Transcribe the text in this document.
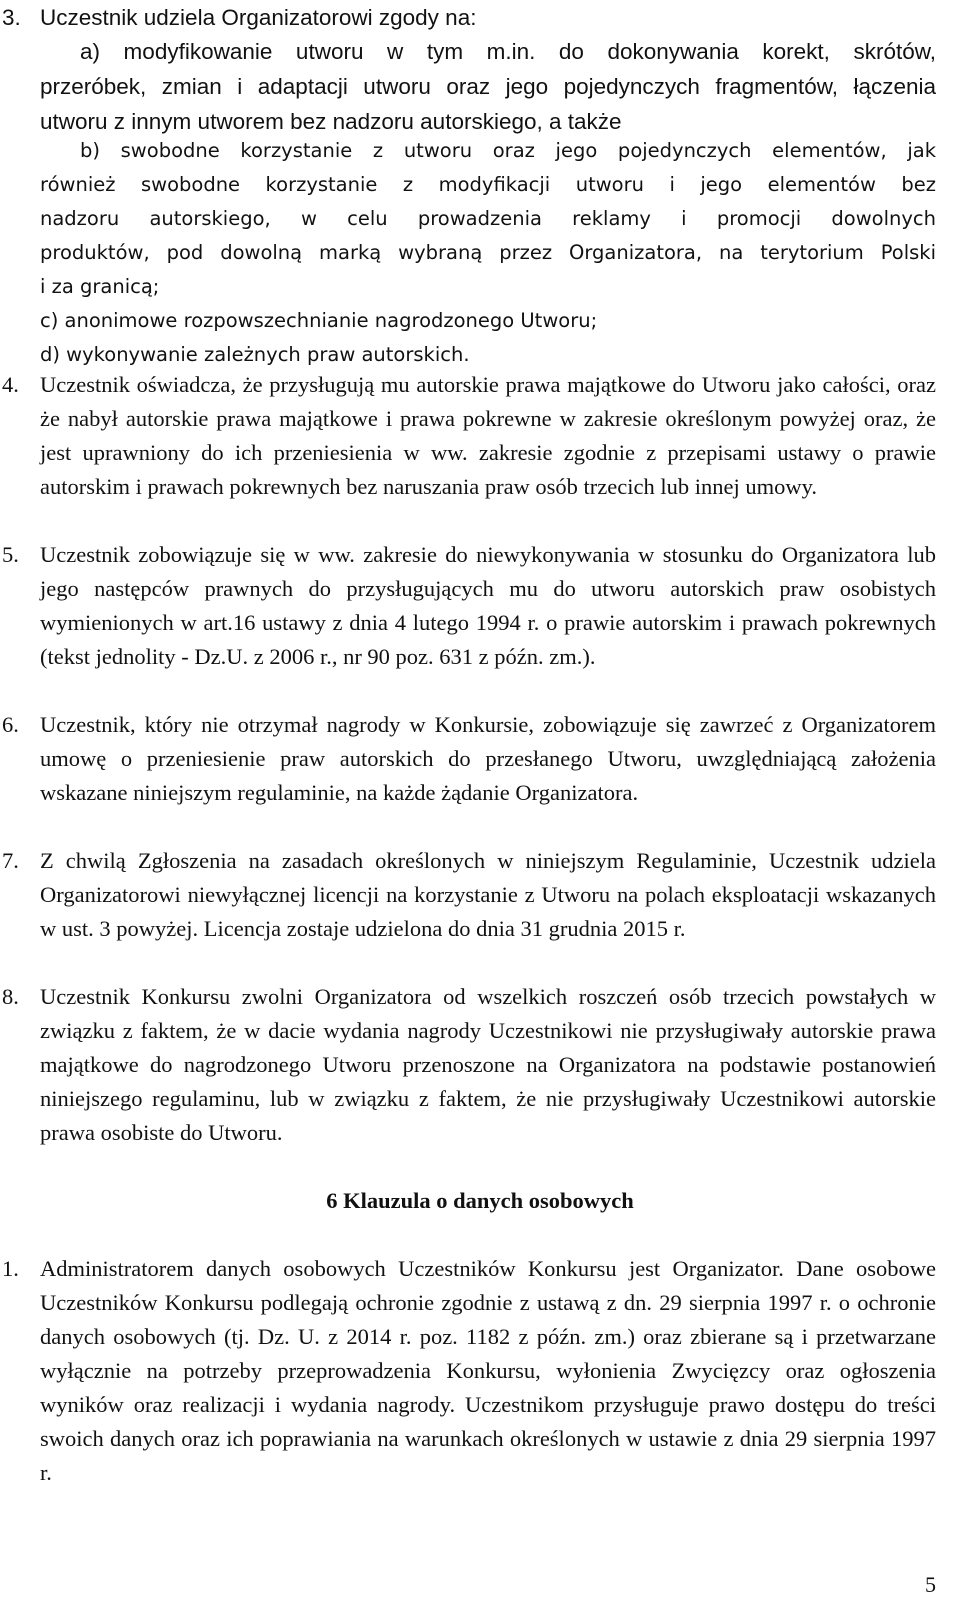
3. Uczestnik udziela Organizatorowi zgody na:

a) modyfikowanie utworu w tym m.in. do dokonywania korekt, skrótów,
przeróbek, zmian i adaptacji utworu oraz jego pojedynczych fragmentów, łączenia
utworu z innym utworem bez nadzoru autorskiego, a także
b) swobodne korzystanie z utworu oraz jego pojedynczych elementów, jak
również swobodne korzystanie z modyfikacji utworu i jego elementów bez
nadzoru autorskiego, w celu prowadzenia reklamy i promocji dowolnych
produktów, pod dowolną marką wybraną przez Organizatora, na terytorium Polski
i za granicą;
c) anonimowe rozpowszechnianie nagrodzonego Utworu;
d) wykonywanie zależnych praw autorskich.
4. Uczestnik oświadcza, że przysługują mu autorskie prawa majątkowe do Utworu jako całości, oraz że nabył autorskie prawa majątkowe i prawa pokrewne w zakresie określonym powyżej oraz, że jest uprawniony do ich przeniesienia w ww. zakresie zgodnie z przepisami ustawy o prawie autorskim i prawach pokrewnych bez naruszania praw osób trzecich lub innej umowy.

5. Uczestnik zobowiązuje się w ww. zakresie do niewykonywania w stosunku do Organizatora lub jego następców prawnych do przysługujących mu do utworu autorskich praw osobistych wymienionych w art.16 ustawy z dnia 4 lutego 1994 r. o prawie autorskim i prawach pokrewnych (tekst jednolity - Dz.U. z 2006 r., nr 90 poz. 631 z późn. zm.).

6. Uczestnik, który nie otrzymał nagrody w Konkursie, zobowiązuje się zawrzeć z Organizatorem umowę o przeniesienie praw autorskich do przesłanego Utworu, uwzględniającą założenia wskazane niniejszym regulaminie, na każde żądanie Organizatora.

7. Z chwilą Zgłoszenia na zasadach określonych w niniejszym Regulaminie, Uczestnik udziela Organizatorowi niewyłącznej licencji na korzystanie z Utworu na polach eksploatacji wskazanych w ust. 3 powyżej. Licencja zostaje udzielona do dnia 31 grudnia 2015 r.

8. Uczestnik Konkursu zwolni Organizatora od wszelkich roszczeń osób trzecich powstałych w związku z faktem, że w dacie wydania nagrody Uczestnikowi nie przysługiwały autorskie prawa majątkowe do nagrodzonego Utworu przenoszone na Organizatora na podstawie postanowień niniejszego regulaminu, lub w związku z faktem, że nie przysługiwały Uczestnikowi autorskie prawa osobiste do Utworu.

6 Klauzula o danych osobowych
1. Administratorem danych osobowych Uczestników Konkursu jest Organizator. Dane osobowe Uczestników Konkursu podlegają ochronie zgodnie z ustawą z dn. 29 sierpnia 1997 r. o ochronie danych osobowych (tj. Dz. U. z 2014 r. poz. 1182 z późn. zm.) oraz zbierane są i przetwarzane wyłącznie na potrzeby przeprowadzenia Konkursu, wyłonienia Zwycięzcy oraz ogłoszenia wyników oraz realizacji i wydania nagrody. Uczestnikom przysługuje prawo dostępu do treści swoich danych oraz ich poprawiania na warunkach określonych w ustawie z dnia 29 sierpnia 1997 r.

5
